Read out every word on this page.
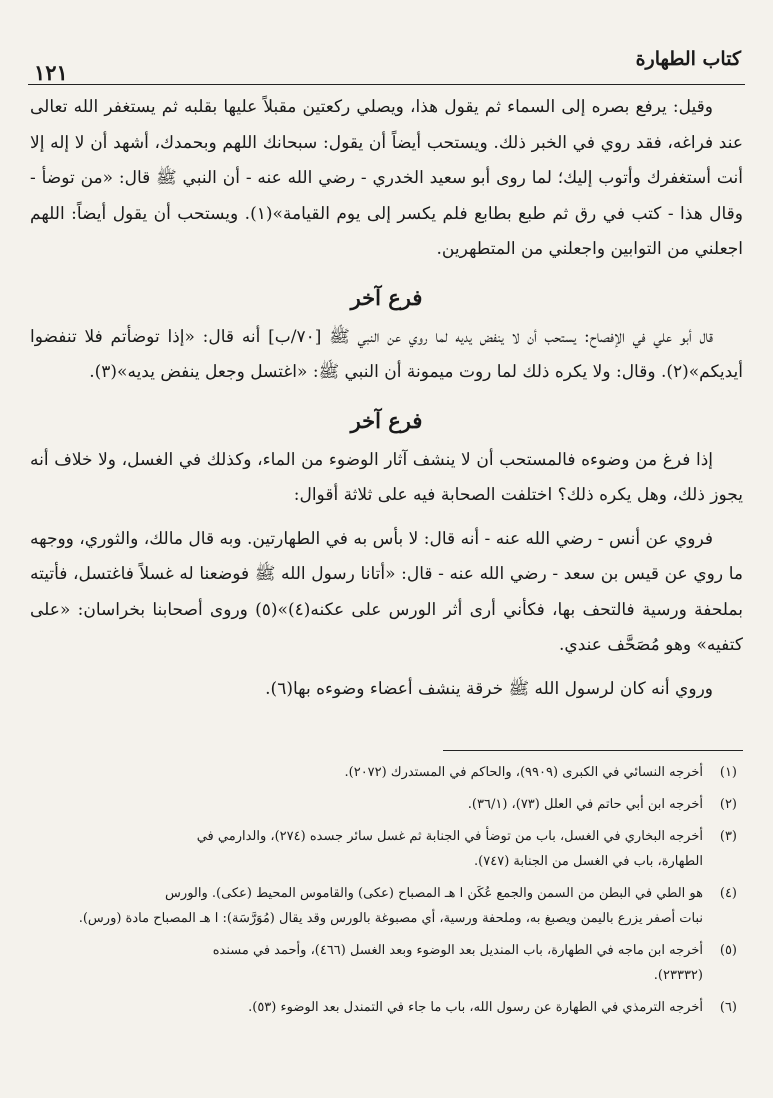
كتاب الطهارة
١٢١

وقيل: يرفع بصره إلى السماء ثم يقول هذا، ويصلي ركعتين مقبلاً عليها بقلبه ثم يستغفر الله تعالى عند فراغه، فقد روي في الخبر ذلك. ويستحب أيضاً أن يقول: سبحانك اللهم وبحمدك، أشهد أن لا إله إلا أنت أستغفرك وأتوب إليك؛ لما روى أبو سعيد الخدري - رضي الله عنه - أن النبي ﷺ قال: «من توضأ - وقال هذا - كتب في رق ثم طبع بطابع فلم يكسر إلى يوم القيامة»(١). ويستحب أن يقول أيضاً: اللهم اجعلني من التوابين واجعلني من المتطهرين.

فرع آخر

قال أبو علي في الإفصاح: يستحب أن لا ينفض يديه لما روي عن النبي ﷺ [٧٠/ب] أنه قال: «إذا توضأتم فلا تنفضوا أيديكم»(٢). وقال: ولا يكره ذلك لما روت ميمونة أن النبي ﷺ: «اغتسل وجعل ينفض يديه»(٣).

فرع آخر

إذا فرغ من وضوءه فالمستحب أن لا ينشف آثار الوضوء من الماء، وكذلك في الغسل، ولا خلاف أنه يجوز ذلك، وهل يكره ذلك؟ اختلفت الصحابة فيه على ثلاثة أقوال:

فروي عن أنس - رضي الله عنه - أنه قال: لا بأس به في الطهارتين. وبه قال مالك، والثوري، ووجهه ما روي عن قيس بن سعد - رضي الله عنه - قال: «أتانا رسول الله ﷺ فوضعنا له غسلاً فاغتسل، فأتيته بملحفة ورسية فالتحف بها، فكأني أرى أثر الورس على عكنه(٤)»(٥) وروى أصحابنا بخراسان: «على كتفيه» وهو مُصَحَّف عندي.

وروي أنه كان لرسول الله ﷺ خرقة ينشف أعضاء وضوءه بها(٦).

(١)
أخرجه النسائي في الكبرى (٩٩٠٩)، والحاكم في المستدرك (٢٠٧٢).
(٢)
أخرجه ابن أبي حاتم في العلل (٧٣)، (٣٦/١).
(٣)
أخرجه البخاري في الغسل، باب من توضأ في الجنابة ثم غسل سائر جسده (٢٧٤)، والدارمي في
الطهارة، باب في الغسل من الجنابة (٧٤٧).
(٤)
هو الطي في البطن من السمن والجمع عُكَن ا هـ المصباح (عكى) والقاموس المحيط (عكى). والورس
نبات أصفر يزرع باليمن ويصبغ به، وملحفة ورسية، أي مصبوغة بالورس وقد يقال (مُوَرَّسَة): ا هـ المصباح مادة (ورس).
(٥)
أخرجه ابن ماجه في الطهارة، باب المنديل بعد الوضوء وبعد الغسل (٤٦٦)، وأحمد في مسنده
(٢٣٣٣٢).
(٦)
أخرجه الترمذي في الطهارة عن رسول الله، باب ما جاء في التمندل بعد الوضوء (٥٣).
